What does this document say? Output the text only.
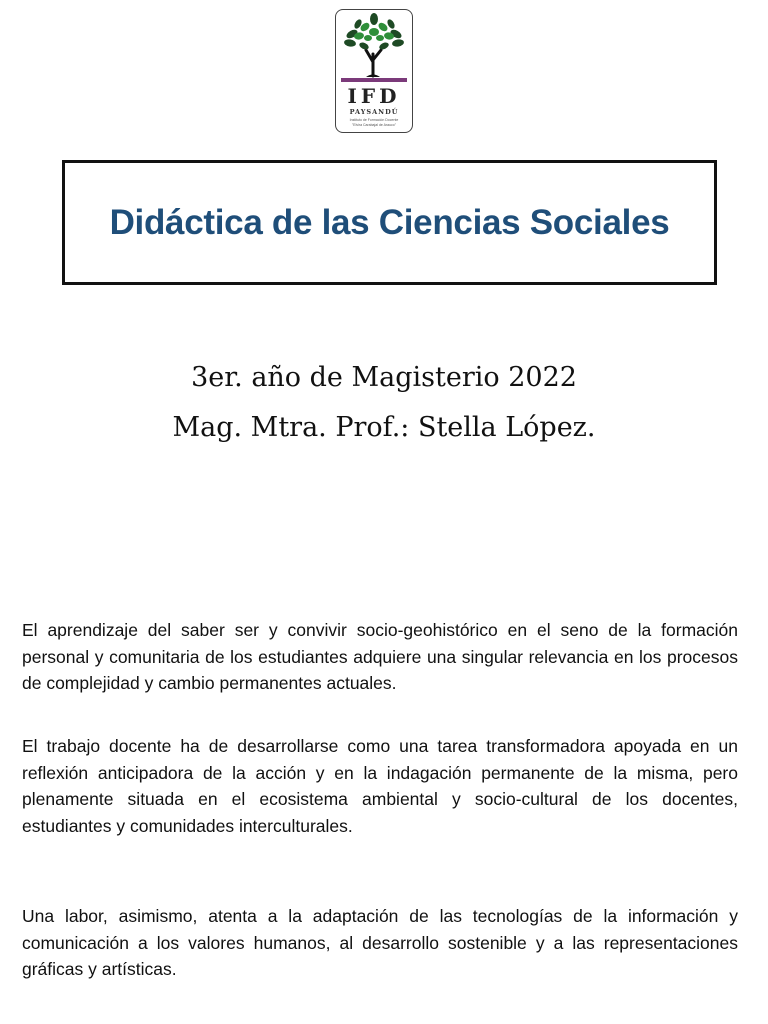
IFD
PAYSANDÚ
Instituto de Formación Docente
"Elvira Carabajal de Arauco"
Didáctica de las Ciencias Sociales
3er. año de Magisterio 2022
Mag. Mtra. Prof.: Stella López.

El aprendizaje del saber ser y convivir socio-geohistórico en el seno de la formación personal y comunitaria de los estudiantes adquiere una singular relevancia en los procesos de complejidad y cambio permanentes actuales.

El trabajo docente ha de desarrollarse como una tarea transformadora apoyada en un reflexión anticipadora de la acción y en la indagación permanente de la misma, pero plenamente situada en el ecosistema ambiental y socio-cultural de los docentes, estudiantes y comunidades interculturales.

Una labor, asimismo, atenta a la adaptación de las tecnologías de la información y comunicación a los valores humanos, al desarrollo sostenible y a las representaciones gráficas y artísticas.
